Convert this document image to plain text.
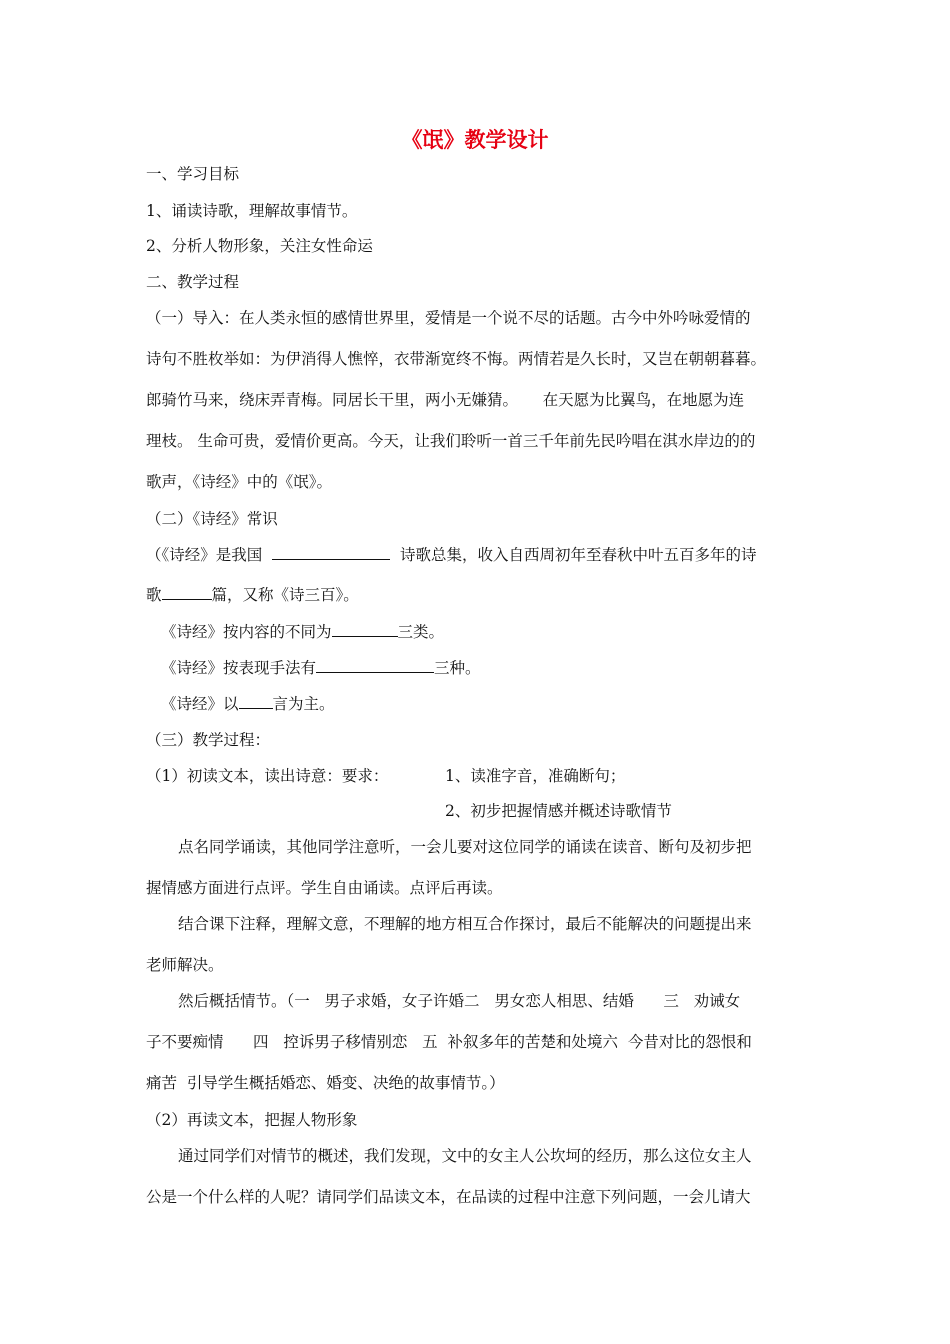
《氓》教学设计
一、学习目标
1、诵读诗歌，理解故事情节。
2、分析人物形象，关注女性命运
二、教学过程
（一）导入：在人类永恒的感情世界里，爱情是一个说不尽的话题。古今中外吟咏爱情的
诗句不胜枚举如：为伊消得人憔悴，衣带渐宽终不悔。两情若是久长时，又岂在朝朝暮暮。
郎骑竹马来，绕床弄青梅。同居长干里，两小无嫌猜。     在天愿为比翼鸟，在地愿为连
理枝。 生命可贵，爱情价更高。今天，让我们聆听一首三千年前先民吟唱在淇水岸边的的
歌声，《诗经》中的《氓》。
（二）《诗经》常识
（《诗经》是我国	诗歌总集，收入自西周初年至春秋中叶五百多年的诗
歌	篇，又称《诗三百》。
《诗经》按内容的不同为	三类。
《诗经》按表现手法有	三种。
《诗经》以 言为主。
（三）教学过程：
（1）初读文本，读出诗意：要求：	1、读准字音，准确断句；
2、初步把握情感并概述诗歌情节
点名同学诵读，其他同学注意听，一会儿要对这位同学的诵读在读音、断句及初步把
握情感方面进行点评。学生自由诵读。点评后再读。
结合课下注释，理解文意，不理解的地方相互合作探讨，最后不能解决的问题提出来
老师解决。
然后概括情节。（一   男子求婚，女子许婚二   男女恋人相思、结婚      三   劝诫女
子不要痴情      四   控诉男子移情别恋   五  补叙多年的苦楚和处境六  今昔对比的怨恨和
痛苦  引导学生概括婚恋、婚变、决绝的故事情节。）
（2）再读文本，把握人物形象
通过同学们对情节的概述，我们发现，文中的女主人公坎坷的经历，那么这位女主人
公是一个什么样的人呢？请同学们品读文本，在品读的过程中注意下列问题，一会儿请大
